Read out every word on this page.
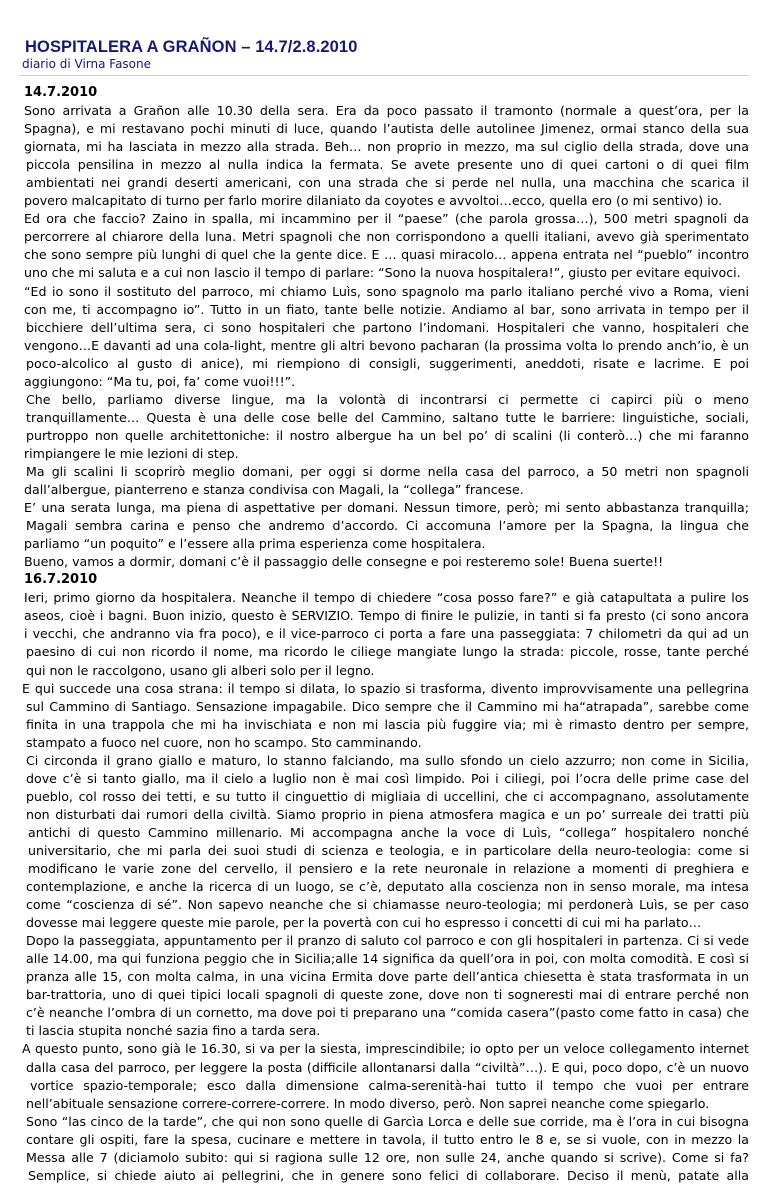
HOSPITALERA A GRAÑON – 14.7/2.8.2010
diario di Virna Fasone
14.7.2010
Sono arrivata a Grañon alle 10.30 della sera. Era da poco passato il tramonto (normale a quest’ora, per la
Spagna), e mi restavano pochi minuti di luce, quando l’autista delle autolinee Jimenez, ormai stanco della sua
giornata, mi ha lasciata in mezzo alla strada. Beh… non proprio in mezzo, ma sul ciglio della strada, dove una
piccola pensilina in mezzo al nulla indica la fermata. Se avete presente uno di quei cartoni o di quei film
ambientati nei grandi deserti americani, con una strada che si perde nel nulla, una macchina che scarica il
povero malcapitato di turno per farlo morire dilaniato da coyotes e avvoltoi…ecco, quella ero (o mi sentivo) io.
Ed ora che faccio? Zaino in spalla, mi incammino per il “paese” (che parola grossa…), 500 metri spagnoli da
percorrere al chiarore della luna. Metri spagnoli che non corrispondono a quelli italiani, avevo già sperimentato
che sono sempre più lunghi di quel che la gente dice. E … quasi miracolo… appena entrata nel “pueblo” incontro
uno che mi saluta e a cui non lascio il tempo di parlare: “Sono la nuova hospitalera!”, giusto per evitare equivoci.
“Ed io sono il sostituto del parroco, mi chiamo Luìs, sono spagnolo ma parlo italiano perché vivo a Roma, vieni
con me, ti accompagno io”. Tutto in un fiato, tante belle notizie. Andiamo al bar, sono arrivata in tempo per il
bicchiere dell’ultima sera, ci sono hospitaleri che partono l’indomani. Hospitaleri che vanno, hospitaleri che
vengono…E davanti ad una cola-light, mentre gli altri bevono pacharan (la prossima volta lo prendo anch’io, è un
poco-alcolico al gusto di anice), mi riempiono di consigli, suggerimenti, aneddoti, risate e lacrime. E poi
aggiungono: “Ma tu, poi, fa’ come vuoi!!!”.
Che bello, parliamo diverse lingue, ma la volontà di incontrarsi ci permette ci capirci più o meno
tranquillamente… Questa è una delle cose belle del Cammino, saltano tutte le barriere: linguistiche, sociali,
purtroppo non quelle architettoniche: il nostro albergue ha un bel po’ di scalini (li conterò…) che mi faranno
rimpiangere le mie lezioni di step.
Ma gli scalini li scoprirò meglio domani, per oggi si dorme nella casa del parroco, a 50 metri non spagnoli
dall’albergue, pianterreno e stanza condivisa con Magali, la “collega” francese.
E’ una serata lunga, ma piena di aspettative per domani. Nessun timore, però; mi sento abbastanza tranquilla;
Magali sembra carina e penso che andremo d’accordo. Ci accomuna l’amore per la Spagna, la lingua che
parliamo “un poquito” e l’essere alla prima esperienza come hospitalera.
Bueno, vamos a dormir, domani c’è il passaggio delle consegne e poi resteremo sole! Buena suerte!!
16.7.2010
Ieri, primo giorno da hospitalera. Neanche il tempo di chiedere “cosa posso fare?” e già catapultata a pulire los
aseos, cioè i bagni. Buon inizio, questo è SERVIZIO. Tempo di finire le pulizie, in tanti si fa presto (ci sono ancora
i vecchi, che andranno via fra poco), e il vice-parroco ci porta a fare una passeggiata: 7 chilometri da qui ad un
paesino di cui non ricordo il nome, ma ricordo le ciliege mangiate lungo la strada: piccole, rosse, tante perché
qui non le raccolgono, usano gli alberi solo per il legno.
E qui succede una cosa strana: il tempo si dilata, lo spazio si trasforma, divento improvvisamente una pellegrina
sul Cammino di Santiago. Sensazione impagabile. Dico sempre che il Cammino mi ha“atrapada”, sarebbe come
finita in una trappola che mi ha invischiata e non mi lascia più fuggire via; mi è rimasto dentro per sempre,
stampato a fuoco nel cuore, non ho scampo. Sto camminando.
Ci circonda il grano giallo e maturo, lo stanno falciando, ma sullo sfondo un cielo azzurro; non come in Sicilia,
dove c’è si tanto giallo, ma il cielo a luglio non è mai così limpido. Poi i ciliegi, poi l’ocra delle prime case del
pueblo, col rosso dei tetti, e su tutto il cinguettio di migliaia di uccellini, che ci accompagnano, assolutamente
non disturbati dai rumori della civiltà. Siamo proprio in piena atmosfera magica e un po’ surreale dei tratti più
antichi di questo Cammino millenario. Mi accompagna anche la voce di Luìs, “collega” hospitalero nonché
universitario, che mi parla dei suoi studi di scienza e teologia, e in particolare della neuro-teologia: come si
modificano le varie zone del cervello, il pensiero e la rete neuronale in relazione a momenti di preghiera e
contemplazione, e anche la ricerca di un luogo, se c’è, deputato alla coscienza non in senso morale, ma intesa
come “coscienza di sé”. Non sapevo neanche che si chiamasse neuro-teologia; mi perdonerà Luìs, se per caso
dovesse mai leggere queste mie parole, per la povertà con cui ho espresso i concetti di cui mi ha parlato…
Dopo la passeggiata, appuntamento per il pranzo di saluto col parroco e con gli hospitaleri in partenza. Ci si vede
alle 14.00, ma qui funziona peggio che in Sicilia;alle 14 significa da quell’ora in poi, con molta comodità. E così si
pranza alle 15, con molta calma, in una vicina Ermita dove parte dell’antica chiesetta è stata trasformata in un
bar-trattoria, uno di quei tipici locali spagnoli di queste zone, dove non ti sogneresti mai di entrare perché non
c’è neanche l’ombra di un cornetto, ma dove poi ti preparano una “comida casera”(pasto come fatto in casa) che
ti lascia stupita nonché sazia fino a tarda sera.
A questo punto, sono già le 16.30, si va per la siesta, imprescindibile; io opto per un veloce collegamento internet
dalla casa del parroco, per leggere la posta (difficile allontanarsi dalla “civiltà”…). E qui, poco dopo, c’è un nuovo
vortice spazio-temporale; esco dalla dimensione calma-serenità-hai tutto il tempo che vuoi per entrare
nell’abituale sensazione correre-correre-correre. In modo diverso, però. Non saprei neanche come spiegarlo.
Sono “las cinco de la tarde”, che qui non sono quelle di Garcìa Lorca e delle sue corride, ma è l’ora in cui bisogna
contare gli ospiti, fare la spesa, cucinare e mettere in tavola, il tutto entro le 8 e, se si vuole, con in mezzo la
Messa alle 7 (diciamolo subito: qui si ragiona sulle 12 ore, non sulle 24, anche quando si scrive). Come si fa?
Semplice, si chiede aiuto ai pellegrini, che in genere sono felici di collaborare. Deciso il menù, patate alla
